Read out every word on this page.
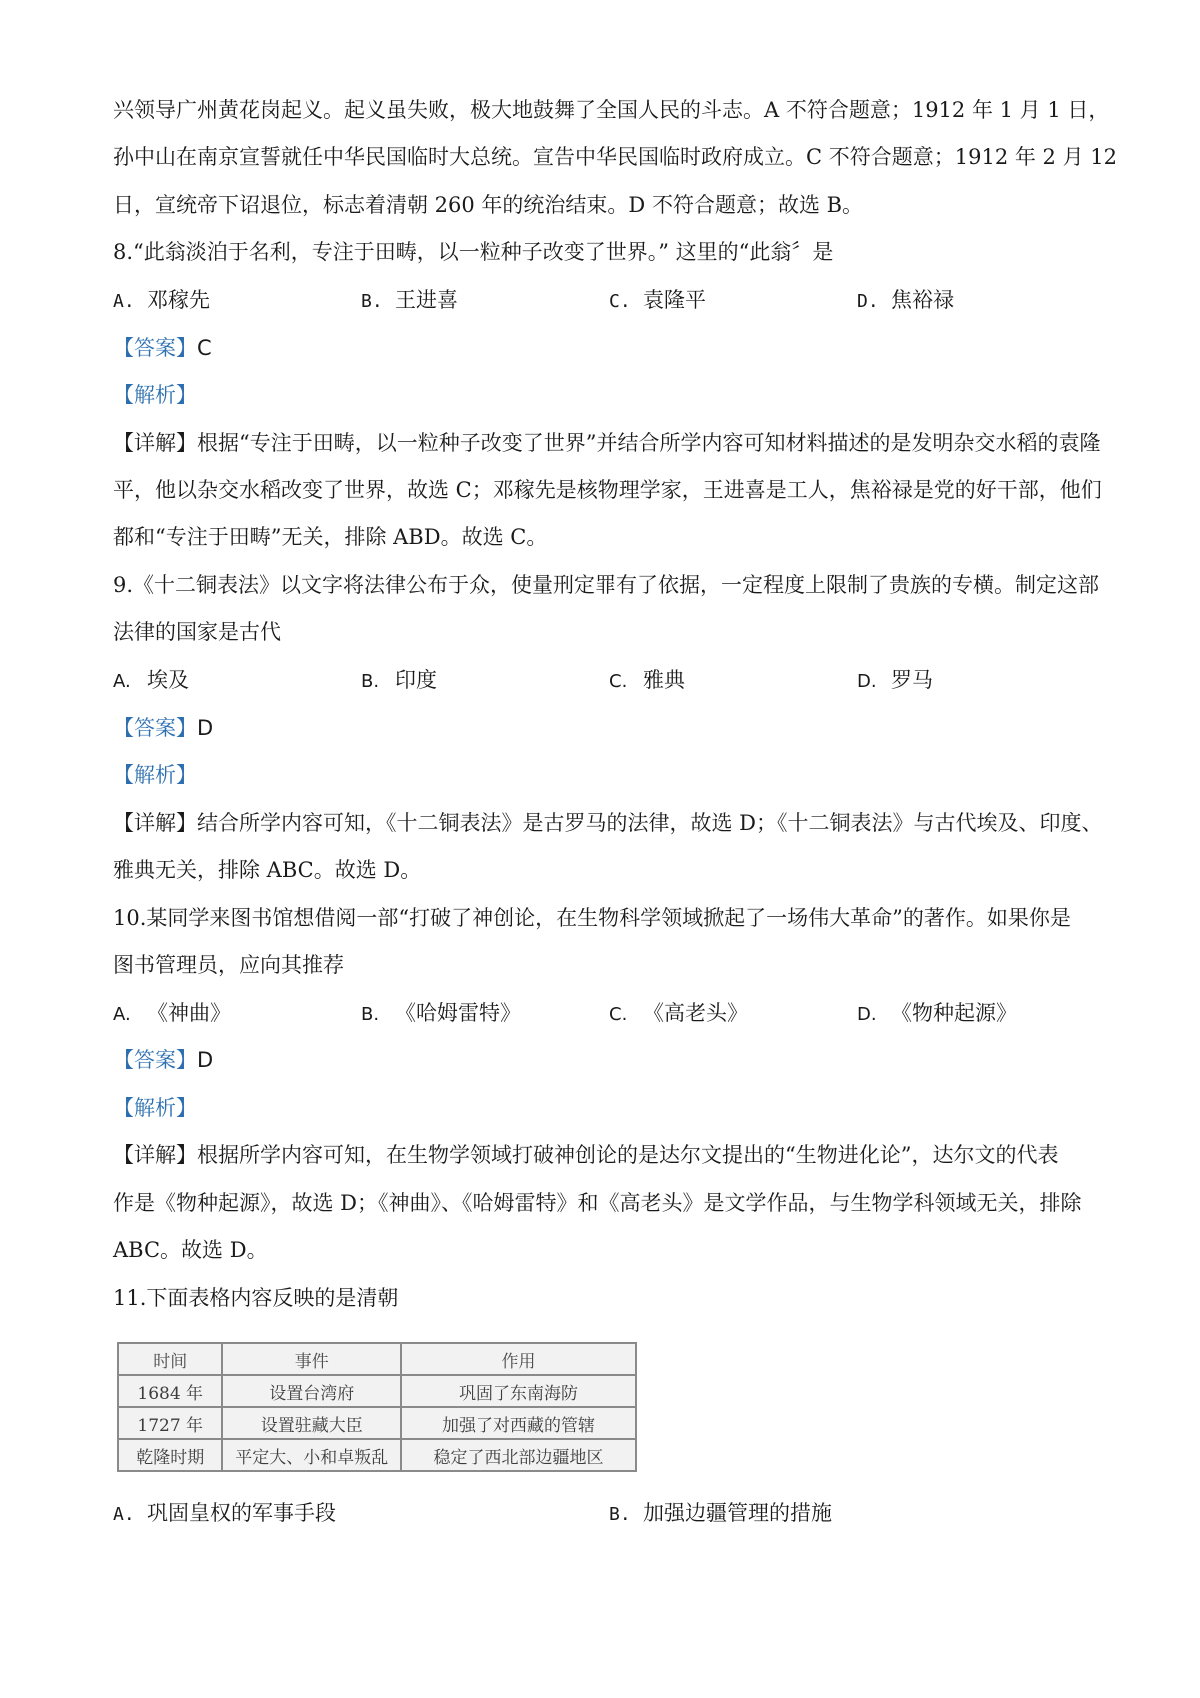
兴领导广州黄花岗起义。起义虽失败，极大地鼓舞了全国人民的斗志。A 不符合题意；1912 年 1 月 1 日，
孙中山在南京宣誓就任中华民国临时大总统。宣告中华民国临时政府成立。C 不符合题意；1912 年 2 月 12
日，宣统帝下诏退位，标志着清朝 260 年的统治结束。D 不符合题意；故选 B。
8.“此翁淡泊于名利，专注于田畴，以一粒种子改变了世界。” 这里的“此翁〞是
A. 邓稼先	B. 王进喜	C. 袁隆平	D. 焦裕禄
【答案】C
【解析】
【详解】根据“专注于田畴，以一粒种子改变了世界”并结合所学内容可知材料描述的是发明杂交水稻的袁隆
平，他以杂交水稻改变了世界，故选 C；邓稼先是核物理学家，王进喜是工人，焦裕禄是党的好干部，他们
都和“专注于田畴”无关，排除 ABD。故选 C。
9.《十二铜表法》以文字将法律公布于众，使量刑定罪有了依据，一定程度上限制了贵族的专横。制定这部
法律的国家是古代
A. 埃及	B. 印度	C. 雅典	D. 罗马
【答案】D
【解析】
【详解】结合所学内容可知，《十二铜表法》是古罗马的法律，故选 D；《十二铜表法》与古代埃及、印度、
雅典无关，排除 ABC。故选 D。
10.某同学来图书馆想借阅一部“打破了神创论，在生物科学领域掀起了一场伟大革命”的著作。如果你是
图书管理员，应向其推荐
A. 《神曲》	B. 《哈姆雷特》	C. 《高老头》	D. 《物种起源》
【答案】D
【解析】
【详解】根据所学内容可知，在生物学领域打破神创论的是达尔文提出的“生物进化论”，达尔文的代表
作是《物种起源》，故选 D；《神曲》、《哈姆雷特》和《高老头》是文学作品，与生物学科领域无关，排除
ABC。故选 D。
11.下面表格内容反映的是清朝
时间	事件	作用
1684 年	设置台湾府	巩固了东南海防
1727 年	设置驻藏大臣	加强了对西藏的管辖
乾隆时期	平定大、小和卓叛乱	稳定了西北部边疆地区
A. 巩固皇权的军事手段	B. 加强边疆管理的措施
